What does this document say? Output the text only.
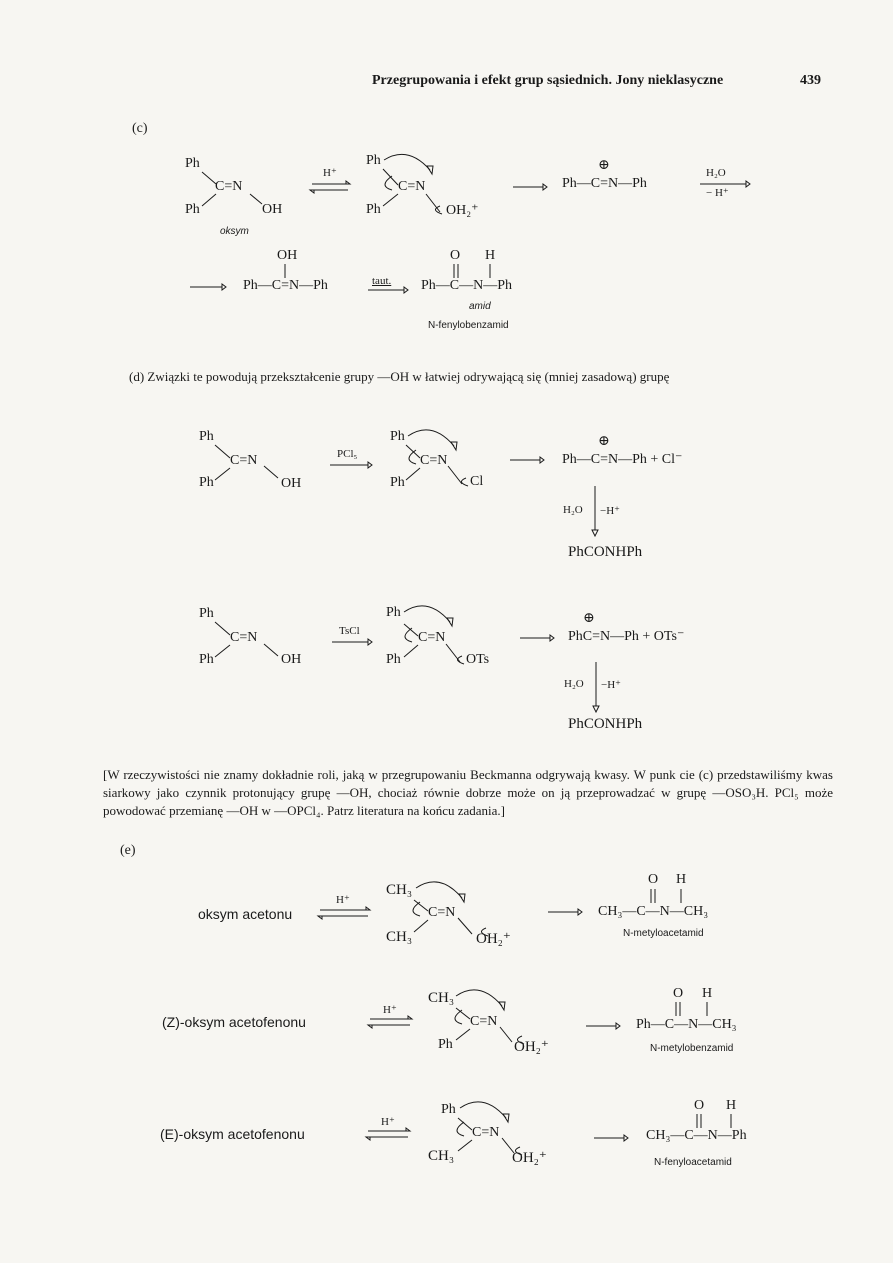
Przegrupowania i efekt grup sąsiednich. Jony nieklasyczne	439
(c)
Ph
C=N
Ph	OH
oksym
H⁺
Ph
C=N
Ph	OH₂⁺
⊕
Ph—C=N—Ph
H₂O
− H⁺
OH
Ph—C=N—Ph	taut.
O H
Ph—C—N—Ph
amid
N-fenylobenzamid
(d) Związki te powodują przekształcenie grupy —OH w łatwiej odrywającą się (mniej zasadową) grupę
Ph
C=N
Ph	OH
PCl₅
Ph
C=N
Ph	Cl
⊕
Ph—C=N—Ph + Cl⁻
H₂O −H⁺
PhCONHPh
Ph
C=N
Ph	OH
TsCl
Ph
C=N
Ph	OTs
⊕
PhC=N—Ph + OTs⁻
H₂O −H⁺
PhCONHPh
[W rzeczywistości nie znamy dokładnie roli, jaką w przegrupowaniu Beckmanna odgrywają kwasy. W punk cie (c) przedstawiliśmy kwas siarkowy jako czynnik protonujący grupę —OH, chociaż równie dobrze może on ją przeprowadzać w grupę —OSO₃H. PCl₅ może powodować przemianę —OH w —OPCl₄. Patrz literatura na końcu zadania.]
(e)
oksym acetonu
H⁺
CH₃
C=N
CH₃	OH₂⁺
O H
CH₃—C—N—CH₃
N-metyloacetamid
(Z)-oksym acetofenonu
H⁺
CH₃
C=N
Ph	OH₂⁺
O H
Ph—C—N—CH₃
N-metylobenzamid
(E)-oksym acetofenonu
H⁺
Ph
C=N
CH₃	OH₂⁺
O H
CH₃—C—N—Ph
N-fenyloacetamid
